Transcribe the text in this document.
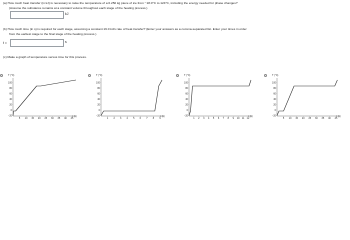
(a) How much heat transfer (in kJ) is necessary to raise the temperature of a 0.250 kg piece of ice from −18.0°C to 124°C, including the energy needed for phase changes?
(Assume the substance remains at a constant volume throughout each stage of the heating process.)
kJ
(b) How much time (in s) is required for each stage, assuming a constant 19.0 kJ/s rate of heat transfer? (Enter your answers as a comma-separated list. Enter your times in order
from the earliest stage to the final stage of the heating process.)
t =	s
(c) Make a graph of temperature versus time for this process.
T (°C)
t (s)
100
80
60
40
20
0
−20
5 10 15 20 25 30 35 40 45
T (°C)
t (s)
100
80
60
40
20
0
−20
1 2 3 4 5 6 7 8 9
T (°C)
t (s)
100
80
60
40
20
0
−20
1 2 3 4 5 6 7 8 9 10 11 12
T (°C)
t (s)
100
80
60
40
20
0
−20
5 10 15 20 25 30 35 40 45
